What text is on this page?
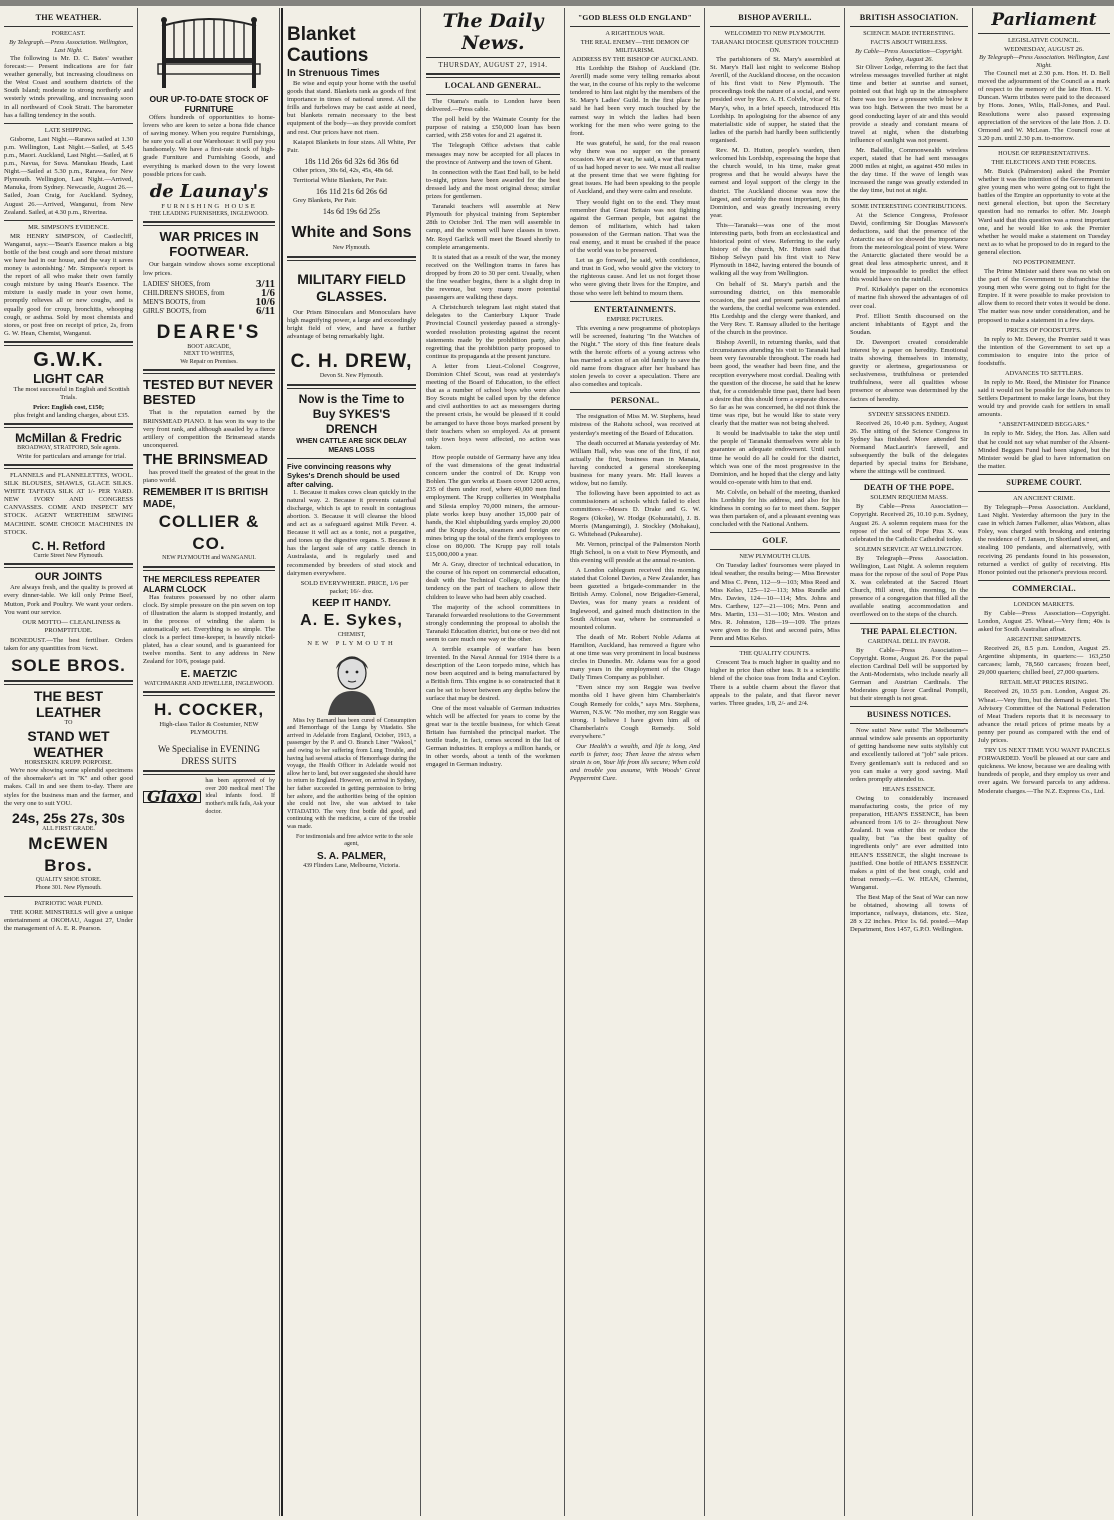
THE WEATHER.
FORECAST.
By Telegraph.—Press Association. Wellington, Last Night.

The following is Mr. D. C. Bates' weather forecast:— Present indications are for fair weather generally, but increasing cloudiness on the West Coast and southern districts of the South Island; moderate to strong northerly and westerly winds prevailing, and increasing soon in all northward of Cook Strait. The barometer has a falling tendency in the south.

LATE SHIPPING.

Gisborne, Last Night.—Rarawa sailed at 1.30 p.m. Wellington, Last Night.—Sailed, at 5.45 p.m., Maori. Auckland, Last Night.—Sailed, at 6 p.m., Navua, for Suva. Manukau Heads, Last Night.—Sailed at 5.30 p.m., Rarawa, for New Plymouth. Wellington, Last Night.—Arrived, Manuka, from Sydney. Newcastle, August 26.—Sailed, Joan Craig, for Auckland. Sydney, August 26.—Arrived, Wanganui, from New Zealand. Sailed, at 4.30 p.m., Riverina.

MR. SIMPSON'S EVIDENCE.

MR HENRY SIMPSON, of Castlecliff, Wanganui, says:—'Bean's Essence makes a big bottle of the best cough and sore throat mixture we have had in our house, and the way it saves money is astonishing.' Mr. Simpson's report is the report of all who make their own family cough mixture by using Hean's Essence. The mixture is easily made in your own home, promptly relieves all or new coughs, and is equally good for croup, bronchitis, whooping cough, or asthma. Sold by most chemists and stores, or post free on receipt of price, 2s, from G. W. Hean, Chemist, Wanganui.

G.W.K.
LIGHT CAR

The most successful in English and Scottish Trials.

Price: English cost, £150;

plus freight and landing charges, about £35.

McMillan & Fredric
BROADWAY, STRATFORD, Sole agents.

Write for particulars and arrange for trial.

FLANNELS and FLANNELETTES, WOOL. SILK BLOUSES, SHAWLS, GLACE SILKS. WHITE TAFFATA SILK AT 1/- PER YARD. NEW IVORY AND CONGRESS CANVASSES. COME AND INSPECT MY STOCK. AGENT WERTHEIM SEWING MACHINE. SOME CHOICE MACHINES IN STOCK.

C. H. Retford
Currie Street New Plymouth.
OUR JOINTS

Are always fresh, and the quality is proved at every dinner-table. We kill only Prime Beef, Mutton, Pork and Poultry. We want your orders. You want our service.

OUR MOTTO— CLEANLINESS & PROMPTITUDE.

BONEDUST.—The best fertiliser. Orders taken for any quantities from ¼cwt.

SOLE BROS.
THE BEST LEATHER
TO
STAND WET WEATHER
HORSESKIN. KRUPP. PORPOISE.

We're now showing some splendid specimens of the shoemaker's art in "K" and other good makes. Call in and see them to-day. There are styles for the business man and the farmer, and the very one to suit YOU.

24s, 25s 27s, 30s
ALL FIRST GRADE.
McEWEN Bros.
QUALITY SHOE STORE.
Phone 301. New Plymouth.
PATRIOTIC WAR FUND.

THE KORE MINSTRELS will give a unique entertainment at OKOHAU, August 27, Under the management of A. E. R. Pearson.

OUR UP-TO-DATE STOCK OF FURNITURE

Offers hundreds of opportunities to home-lovers who are keen to seize a bona fide chance of saving money. When you require Furnishings, be sure you call at our Warehouse: it will pay you handsomely. We have a first-rate stock of high-grade Furniture and Furnishing Goods, and everything is marked down to the very lowest possible prices for cash.

de Launay's
FURNISHING HOUSE
THE LEADING FURNISHERS, INGLEWOOD.
WAR PRICES IN FOOTWEAR.

Our bargain window shows some exceptional low prices.

LADIES' SHOES, from	3/11
CHILDREN'S SHOES, from	1/6
MEN'S BOOTS, from	10/6
GIRLS' BOOTS, from	6/11
DEARE'S
BOOT ARCADE,
NEXT TO WHITES,
We Repair on Premises.
TESTED BUT NEVER BESTED

That is the reputation earned by the BRINSMEAD PIANO. It has won its way to the very front rank, and although assailed by a fierce artillery of competition the Brinsmead stands unconquered.

THE BRINSMEAD

has proved itself the greatest of the great in the piano world.

REMEMBER IT IS BRITISH MADE,
COLLIER & CO.
NEW PLYMOUTH and WANGANUI.
THE MERCILESS REPEATER ALARM CLOCK

Has features possessed by no other alarm clock. By simple pressure on the pin seven on top of illustration the alarm is stopped instantly, and in the process of winding the alarm is automatically set. Everything is so simple. The clock is a perfect time-keeper, is heavily nickel-plated, has a clear sound, and is guaranteed for twelve months. Sent to any address in New Zealand for 10/6, postage paid.

E. MAETZIC
WATCHMAKER AND JEWELLER, INGLEWOOD.
H. COCKER,
High-class Tailor & Costumier, NEW PLYMOUTH.
We Specialise in EVENING DRESS SUITS
Glaxo
has been approved of by over 200 medical men! The ideal infants food. If mother's milk fails, Ask your doctor.
Blanket Cautions
In Strenuous Times

Be wise and equip your home with the useful goods that stand. Blankets rank as goods of first importance in times of national unrest. All the frills and furbelows may be cast aside at need, but blankets remain necessary to the best equipment of the body—as they provide comfort and rest. Our prices have not risen.

Kaiapoi Blankets in four sizes. All White, Per Pair.

18s 11d 26s 6d 32s 6d 36s 6d

Other prices, 30s 6d, 42s, 45s, 48s 6d.

Territorial White Blankets, Per Pair.

16s 11d 21s 6d 26s 6d

Grey Blankets, Per Pair.

14s 6d 19s 6d 25s
White and Sons
New Plymouth.
MILITARY FIELD GLASSES.

Our Prism Binoculars and Monoculars have high magnifying power, a large and exceedingly bright field of view, and have a further advantage of being remarkably light.

C. H. DREW,
Devon St. New Plymouth.
Now is the Time to Buy SYKES'S DRENCH
WHEN CATTLE ARE SICK DELAY MEANS LOSS
Five convincing reasons why Sykes's Drench should be used after calving.

1. Because it makes cows clean quickly in the natural way. 2. Because it prevents catarrhal discharge, which is apt to result in contagious abortion. 3. Because it will cleanse the blood and act as a safeguard against Milk Fever. 4. Because it will act as a tonic, not a purgative, and tones up the digestive organs. 5. Because it has the largest sale of any cattle drench in Australasia, and is regularly used and recommended by breeders of stud stock and dairymen everywhere.

SOLD EVERYWHERE. PRICE, 1/6 per packet; 16/- doz.

KEEP IT HANDY.
A. E. Sykes,
CHEMIST,
NEW PLYMOUTH

Miss Ivy Barnard has been cured of Consumption and Hemorrhage of the Lungs by Vitadatio. She arrived in Adelaide from England, October, 1913, a passenger by the P. and O. Branch Liner "Wakool," and owing to her suffering from Lung Trouble, and having had several attacks of Hemorrhage during the voyage, the Health Officer in Adelaide would not allow her to land, but over suggested she should have to return to England. However, on arrival in Sydney, her father succeeded in getting permission to bring her ashore, and the authorities being of the opinion she could not live, she was advised to take VITADATIO. The very first bottle did good, and continuing with the medicine, a cure of the trouble was made.

For testimonials and free advice write to the sole agent,

S. A. PALMER,
439 Flinders Lane, Melbourne, Victoria.
The Daily News.
THURSDAY, AUGUST 27, 1914.
LOCAL AND GENERAL.

The Otama's mails to London have been delivered.—Press cable.

The poll held by the Waimate County for the purpose of raising a £50,000 loan has been carried, with 258 votes for and 21 against it.

The Telegraph Office advises that cable messages may now be accepted for all places in the province of Antwerp and the town of Ghent.

In connection with the East End ball, to be held to-night, prizes have been awarded for the best dressed lady and the most original dress; similar prizes for gentlemen.

Taranaki teachers will assemble at New Plymouth for physical training from September 28th to October 3rd. The men will assemble in camp, and the women will have classes in town. Mr. Royd Garlick will meet the Board shortly to complete arrangements.

It is stated that as a result of the war, the money received on the Wellington trams in fares has dropped by from 20 to 30 per cent. Usually, when the fine weather begins, there is a slight drop in the revenue, but very many more potential passengers are walking these days.

A Christchurch telegram last night stated that delegates to the Canterbury Liquor Trade Provincial Council yesterday passed a strongly-worded resolution protesting against the recent statements made by the prohibition party, also regretting that the prohibition party proposed to continue its propaganda at the present juncture.

A letter from Lieut.-Colonel Cosgrove, Dominion Chief Scout, was read at yesterday's meeting of the Board of Education, to the effect that as a number of school boys who were also Boy Scouts might be called upon by the defence and civil authorities to act as messengers during the present crisis, he would be pleased if it could be arranged to have those boys marked present by their teachers when so employed. As at present only town boys were affected, no action was taken.

How people outside of Germany have any idea of the vast dimensions of the great industrial concern under the control of Dr. Krupp von Bohlen. The gun works at Essen cover 1200 acres, 235 of them under roof, where 40,000 men find employment. The Krupp collieries in Westphalia and Silesia employ 70,000 miners, the armour-plate works keep busy another 15,000 pair of hands, the Kiel shipbuilding yards employ 20,000 and the Krupp docks, steamers and foreign ore mines bring up the total of the firm's employees to close on 80,000. The Krupp pay roll totals £15,000,000 a year.

Mr A. Gray, director of technical education, in the course of his report on commercial education, dealt with the Technical College, deplored the tendency on the part of teachers to allow their children to leave who had been ably coached.

The majority of the school committees in Taranaki forwarded resolutions to the Government strongly condemning the proposal to abolish the Taranaki Education district, but one or two did not seem to care much one way or the other.

A terrible example of warfare has been invented. In the Naval Annual for 1914 there is a description of the Leon torpedo mine, which has now been acquired and is being manufactured by a British firm. This engine is so constructed that it can be set to hover between any depths below the surface that may be desired.

One of the most valuable of German industries which will be affected for years to come by the great war is the textile business, for which Great Britain has furnished the principal market. The textile trade, in fact, comes second in the list of German industries. It employs a million hands, or in other words, about a tenth of the workmen engaged in German industry.

"GOD BLESS OLD ENGLAND"
A RIGHTEOUS WAR.
THE REAL ENEMY—THE DEMON OF MILITARISM.
ADDRESS BY THE BISHOP OF AUCKLAND.

His Lordship the Bishop of Auckland (Dr. Averill) made some very telling remarks about the war, in the course of his reply to the welcome tendered to him last night by the members of the St. Mary's Ladies' Guild. In the first place he said he had been very much touched by the earnest way in which the ladies had been working for the men who were going to the front.

He was grateful, he said, for the real reason why there was no supper on the present occasion. We are at war, he said, a war that many of us had hoped never to see. We must all realise at the present time that we were fighting for great issues. He had been speaking to the people of Auckland, and they were calm and resolute.

They would fight on to the end. They must remember that Great Britain was not fighting against the German people, but against the demon of militarism, which had taken possession of the German nation. That was the real enemy, and it must be crushed if the peace of the world was to be preserved.

Let us go forward, he said, with confidence, and trust in God, who would give the victory to the righteous cause. And let us not forget those who were giving their lives for the Empire, and those who were left behind to mourn them.

ENTERTAINMENTS.
EMPIRE PICTURES.

This evening a new programme of photoplays will be screened, featuring "In the Watches of the Night." The story of this fine feature deals with the heroic efforts of a young actress who has married a scion of an old family to save the old name from disgrace after her husband has stolen jewels to cover a speculation. There are also comedies and topicals.

PERSONAL.

The resignation of Miss M. W. Stephens, head mistress of the Rahotu school, was received at yesterday's meeting of the Board of Education.

The death occurred at Manaia yesterday of Mr. William Hall, who was one of the first, if not actually the first, business man in Manaia, having conducted a general storekeeping business for many years. Mr. Hall leaves a widow, but no family.

The following have been appointed to act as commissioners at schools which failed to elect committees:—Messrs D. Drake and G. W. Rogers (Okoke), W. Hodge (Kohuratahi), J. B. Morris (Mangamingi), J. Stockley (Mohakau), G. Whitehead (Pukearuhe).

Mr. Vernon, principal of the Palmerston North High School, is on a visit to New Plymouth, and this evening will preside at the annual re-union.

A London cablegram received this morning stated that Colonel Davies, a New Zealander, has been gazetted a brigade-commander in the British Army. Colonel, now Brigadier-General, Davies, was for many years a resident of Inglewood, and gained much distinction in the South African war, where he commanded a mounted column.

The death of Mr. Robert Noble Adams at Hamilton, Auckland, has removed a figure who at one time was very prominent in local business circles in Dunedin. Mr. Adams was for a good many years in the employment of the Otago Daily Times Company as publisher.

"Even since my son Reggie was twelve months old I have given him Chamberlain's Cough Remedy for colds," says Mrs. Stephens, Warren, N.S.W. "No mother, my son Reggie was strong. I believe I have given him all of Chamberlain's Cough Remedy. Sold everywhere."

Our Health's a wealth, and life is long, And earth is fairer, too; Then leave the stress when strain is on, Your life from ills secure; When cold and trouble you assume, With Woods' Great Peppermint Cure.

BISHOP AVERILL.
WELCOMED TO NEW PLYMOUTH.
TARANAKI DIOCESE QUESTION TOUCHED ON.

The parishioners of St. Mary's assembled at St. Mary's Hall last night to welcome Bishop Averill, of the Auckland diocese, on the occasion of his first visit to New Plymouth. The proceedings took the nature of a social, and were presided over by Rev. A. H. Colvile, vicar of St. Mary's, who, in a brief speech, introduced His Lordship. In apologising for the absence of any materialistic side of supper, he stated that the ladies of the parish had hardly been sufficiently organised.

Rev. M. D. Hutton, people's warden, then welcomed his Lordship, expressing the hope that the church would, in his time, make great progress and that he would always have the earnest and loyal support of the clergy in the district. The Auckland diocese was now the largest, and certainly the most important, in this Dominion, and was greatly increasing every year.

This—Taranaki—was one of the most interesting parts, both from an ecclesiastical and historical point of view. Referring to the early history of the church, Mr. Hutton said that Bishop Selwyn paid his first visit to New Plymouth in 1842, having entered the bounds of walking all the way from Wellington.

On behalf of St. Mary's parish and the surrounding district, on this memorable occasion, the past and present parishioners and the wardens, the cordial welcome was extended. His Lordship and the clergy were thanked, and the Very Rev. T. Ramsay alluded to the heritage of the church in the province.

Bishop Averill, in returning thanks, said that circumstances attending his visit to Taranaki had been very favourable throughout. The roads had been good, the weather had been fine, and the reception everywhere most cordial. Dealing with the question of the diocese, he said that he knew that, for a considerable time past, there had been a desire that this should form a separate diocese. So far as he was concerned, he did not think the time was ripe, but he would like to state very clearly that the matter was not being shelved.

It would be inadvisable to take the step until the people of Taranaki themselves were able to guarantee an adequate endowment. Until such time he would do all he could for the district, which was one of the most progressive in the Dominion, and he hoped that the clergy and laity would co-operate with him to that end.

Mr. Colvile, on behalf of the meeting, thanked his Lordship for his address, and also for his kindness in coming so far to meet them. Supper was then partaken of, and a pleasant evening was concluded with the National Anthem.

GOLF.
NEW PLYMOUTH CLUB.

On Tuesday ladies' foursomes were played in ideal weather, the results being:— Miss Brewster and Miss C. Penn, 112—9—103; Miss Reed and Miss Kelso, 125—12—113; Miss Rundle and Mrs. Davies, 124—10—114; Mrs. Johns and Mrs. Carthew, 127—21—106; Mrs. Penn and Mrs. Martin, 131—31—100; Mrs. Weston and Mrs. R. Johnston, 128—19—109. The prizes were given to the first and second pairs, Miss Penn and Miss Kelso.

THE QUALITY COUNTS.

Crescent Tea is much higher in quality and no higher in price than other teas. It is a scientific blend of the choice teas from India and Ceylon. There is a subtle charm about the flavor that appeals to the palate, and that flavor never varies. Three grades, 1/8, 2/- and 2/4.

BRITISH ASSOCIATION.
SCIENCE MADE INTERESTING.
FACTS ABOUT WIRELESS.
By Cable—Press Association—Copyright. Sydney, August 26.

Sir Oliver Lodge, referring to the fact that wireless messages travelled further at night time and better at sunrise and sunset, pointed out that high up in the atmosphere there was too low a pressure while below it was too high. Between the two must be a good conducting layer of air and this would provide a steady and constant means of travel at night, when the disturbing influence of sunlight was not present.

Mr. Balsillie, Commonwealth wireless expert, stated that he had sent messages 2000 miles at night, as against 450 miles in the day time. If the wave of length was increased the range was greatly extended in the day time, but not at night.

SOME INTERESTING CONTRIBUTIONS.

At the Science Congress, Professor David, confirming Sir Douglas Mawson's deductions, said that the presence of the Antarctic sea of ice showed the importance from the meteorological point of view. Were the Antarctic glaciated there would be a great deal less atmospheric unrest, and it would be impossible to predict the effect this would have on the rainfall.

Prof. Kirkaldy's paper on the economics of marine fish showed the advantages of oil over coal.

Prof. Elliott Smith discoursed on the ancient inhabitants of Egypt and the Soudan.

Dr. Davenport created considerable interest by a paper on heredity. Emotional traits showing themselves in intensity, gravity or alertness, gregariousness or seclusiveness, truthfulness or pretended truthfulness, were all qualities whose presence or absence was determined by the factors of heredity.

SYDNEY SESSIONS ENDED.

Received 26, 10.40 p.m. Sydney, August 26. The sitting of the Science Congress in Sydney has finished. More attended Sir Normand MacLaurin's farewell, and subsequently the bulk of the delegates departed by special trains for Brisbane, where the sittings will be continued.

DEATH OF THE POPE.
SOLEMN REQUIEM MASS.

By Cable—Press Association—Copyright. Received 26, 10.10 p.m. Sydney, August 26. A solemn requiem mass for the repose of the soul of Pope Pius X. was celebrated in the Catholic Cathedral today.

SOLEMN SERVICE AT WELLINGTON.

By Telegraph—Press Association. Wellington, Last Night. A solemn requiem mass for the repose of the soul of Pope Pius X. was celebrated at the Sacred Heart Church, Hill street, this morning, in the presence of a congregation that filled all the available seating accommodation and overflowed on to the steps of the church.

THE PAPAL ELECTION.
CARDINAL DELL IN FAVOR.

By Cable—Press Association—Copyright. Rome, August 26. For the papal election Cardinal Dell will be supported by the Anti-Modernists, who include nearly all German and Austrian Cardinals. The Moderates group favor Cardinal Pompili, but their strength is not great.

BUSINESS NOTICES.

Now suits! New suits! The Melbourne's annual window sale presents an opportunity of getting handsome new suits stylishly cut and excellently tailored at "job" sale prices. Every gentleman's suit is reduced and so you can make a very good saving. Mail orders promptly attended to.

HEAN'S ESSENCE.

Owing to considerably increased manufacturing costs, the price of my preparation, HEAN'S ESSENCE, has been advanced from 1/6 to 2/- throughout New Zealand. It was either this or reduce the quality, but "as the best quality of ingredients only" are ever admitted into HEAN'S ESSENCE, the slight increase is justified. One bottle of HEAN'S ESSENCE makes a pint of the best cough, cold and throat remedy.—G. W. HEAN, Chemist, Wanganui.

The Best Map of the Seat of War can now be obtained, showing all towns of importance, railways, distances, etc. Size, 28 x 22 inches. Price 1s. 6d. posted.—Map Department, Box 1457, G.P.O. Wellington.

Parliament
LEGISLATIVE COUNCIL.
WEDNESDAY, AUGUST 26.
By Telegraph—Press Association. Wellington, Last Night.

The Council met at 2.30 p.m. Hon. H. D. Bell moved the adjournment of the Council as a mark of respect to the memory of the late Hon. H. V. Duncan. Warm tributes were paid to the deceased by Hons. Jones, Wilis, Hall-Jones, and Paul. Resolutions were also passed expressing appreciation of the services of the late Hon. J. D. Ormond and W. McLean. The Council rose at 3.20 p.m. until 2.30 p.m. to-morrow.

HOUSE OF REPRESENTATIVES.
THE ELECTIONS AND THE FORCES.

Mr. Buick (Palmerston) asked the Premier whether it was the intention of the Government to give young men who were going out to fight the battles of the Empire an opportunity to vote at the next general election, but upon the Secretary question had no remarks to offer. Mr. Joseph Ward said that this question was a most important one, and he would like to ask the Premier whether he would make a statement on Tuesday next as to what he proposed to do in regard to the general election.

NO POSTPONEMENT.

The Prime Minister said there was no wish on the part of the Government to disfranchise the young men who were going out to fight for the Empire. If it were possible to make provision to allow them to record their votes it would be done. The matter was now under consideration, and he proposed to make a statement in a few days.

PRICES OF FOODSTUFFS.

In reply to Mr. Dewey, the Premier said it was the intention of the Government to set up a commission to enquire into the price of foodstuffs.

ADVANCES TO SETTLERS.

In reply to Mr. Reed, the Minister for Finance said it would not be possible for the Advances to Settlers Department to make large loans, but they would try and provide cash for settlers in small amounts.

"ABSENT-MINDED BEGGARS."

In reply to Mr. Sidey, the Hon. Jas. Allen said that he could not say what number of the Absent-Minded Beggars Fund had been signed, but the Minister would be glad to have information on the matter.

SUPREME COURT.
AN ANCIENT CRIME.

By Telegraph—Press Association. Auckland, Last Night. Yesterday afternoon the jury in the case in which James Falkener, alias Watson, alias Foley, was charged with breaking and entering the residence of F. Jansen, in Shortland street, and stealing 100 pendants, and alternatively, with receiving 26 pendants found in his possession, returned a verdict of guilty of receiving. His Honor pointed out the prisoner's previous record.

COMMERCIAL.
LONDON MARKETS.

By Cable—Press Association—Copyright. London, August 25. Wheat.—Very firm; 40s is asked for South Australian afloat.

ARGENTINE SHIPMENTS.

Received 26, 8.5 p.m. London, August 25. Argentine shipments, in quarters:— 163,250 carcases; lamb, 78,560 carcases; frozen beef, 29,000 quarters; chilled beef, 27,000 quarters.

RETAIL MEAT PRICES RISING.

Received 26, 10.55 p.m. London, August 26. Wheat.—Very firm, but the demand is quiet. The Advisory Committee of the National Federation of Meat Traders reports that it is necessary to advance the retail prices of prime meats by a penny per pound as compared with the end of July prices.

TRY US NEXT TIME YOU WANT PARCELS FORWARDED. You'll be pleased at our care and quickness. We know, because we are dealing with hundreds of people, and they employ us over and over again. We forward parcels to any address. Moderate charges.—The N.Z. Express Co., Ltd.
